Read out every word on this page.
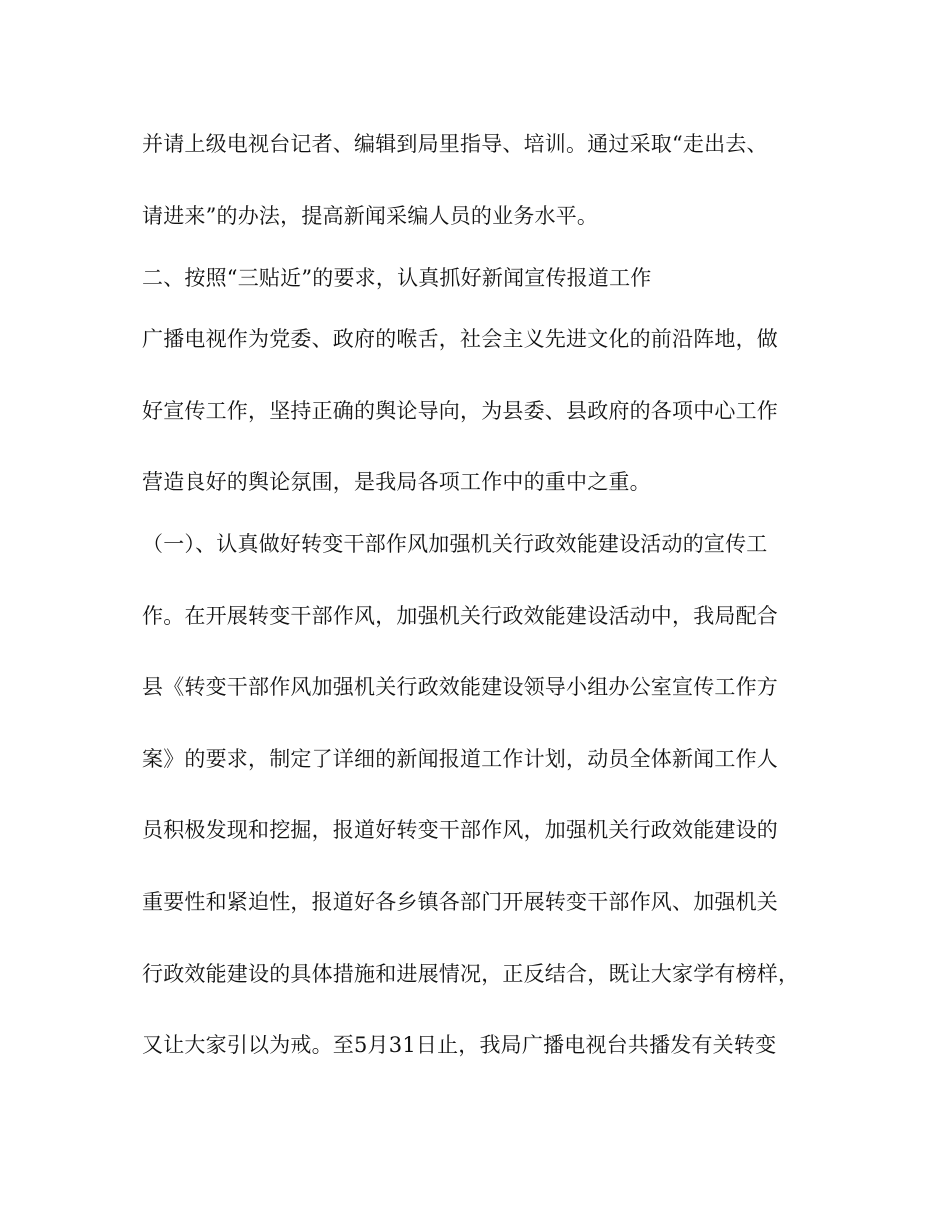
并请上级电视台记者、编辑到局里指导、培训。通过采取“走出去、
请进来”的办法，提高新闻采编人员的业务水平。
二、按照“三贴近”的要求，认真抓好新闻宣传报道工作
广播电视作为党委、政府的喉舌，社会主义先进文化的前沿阵地，做
好宣传工作，坚持正确的舆论导向，为县委、县政府的各项中心工作
营造良好的舆论氛围，是我局各项工作中的重中之重。
（一）、认真做好转变干部作风加强机关行政效能建设活动的宣传工
作。在开展转变干部作风，加强机关行政效能建设活动中，我局配合
县《转变干部作风加强机关行政效能建设领导小组办公室宣传工作方
案》的要求，制定了详细的新闻报道工作计划，动员全体新闻工作人
员积极发现和挖掘，报道好转变干部作风，加强机关行政效能建设的
重要性和紧迫性，报道好各乡镇各部门开展转变干部作风、加强机关
行政效能建设的具体措施和进展情况，正反结合，既让大家学有榜样，
又让大家引以为戒。至5月31日止，我局广播电视台共播发有关转变
